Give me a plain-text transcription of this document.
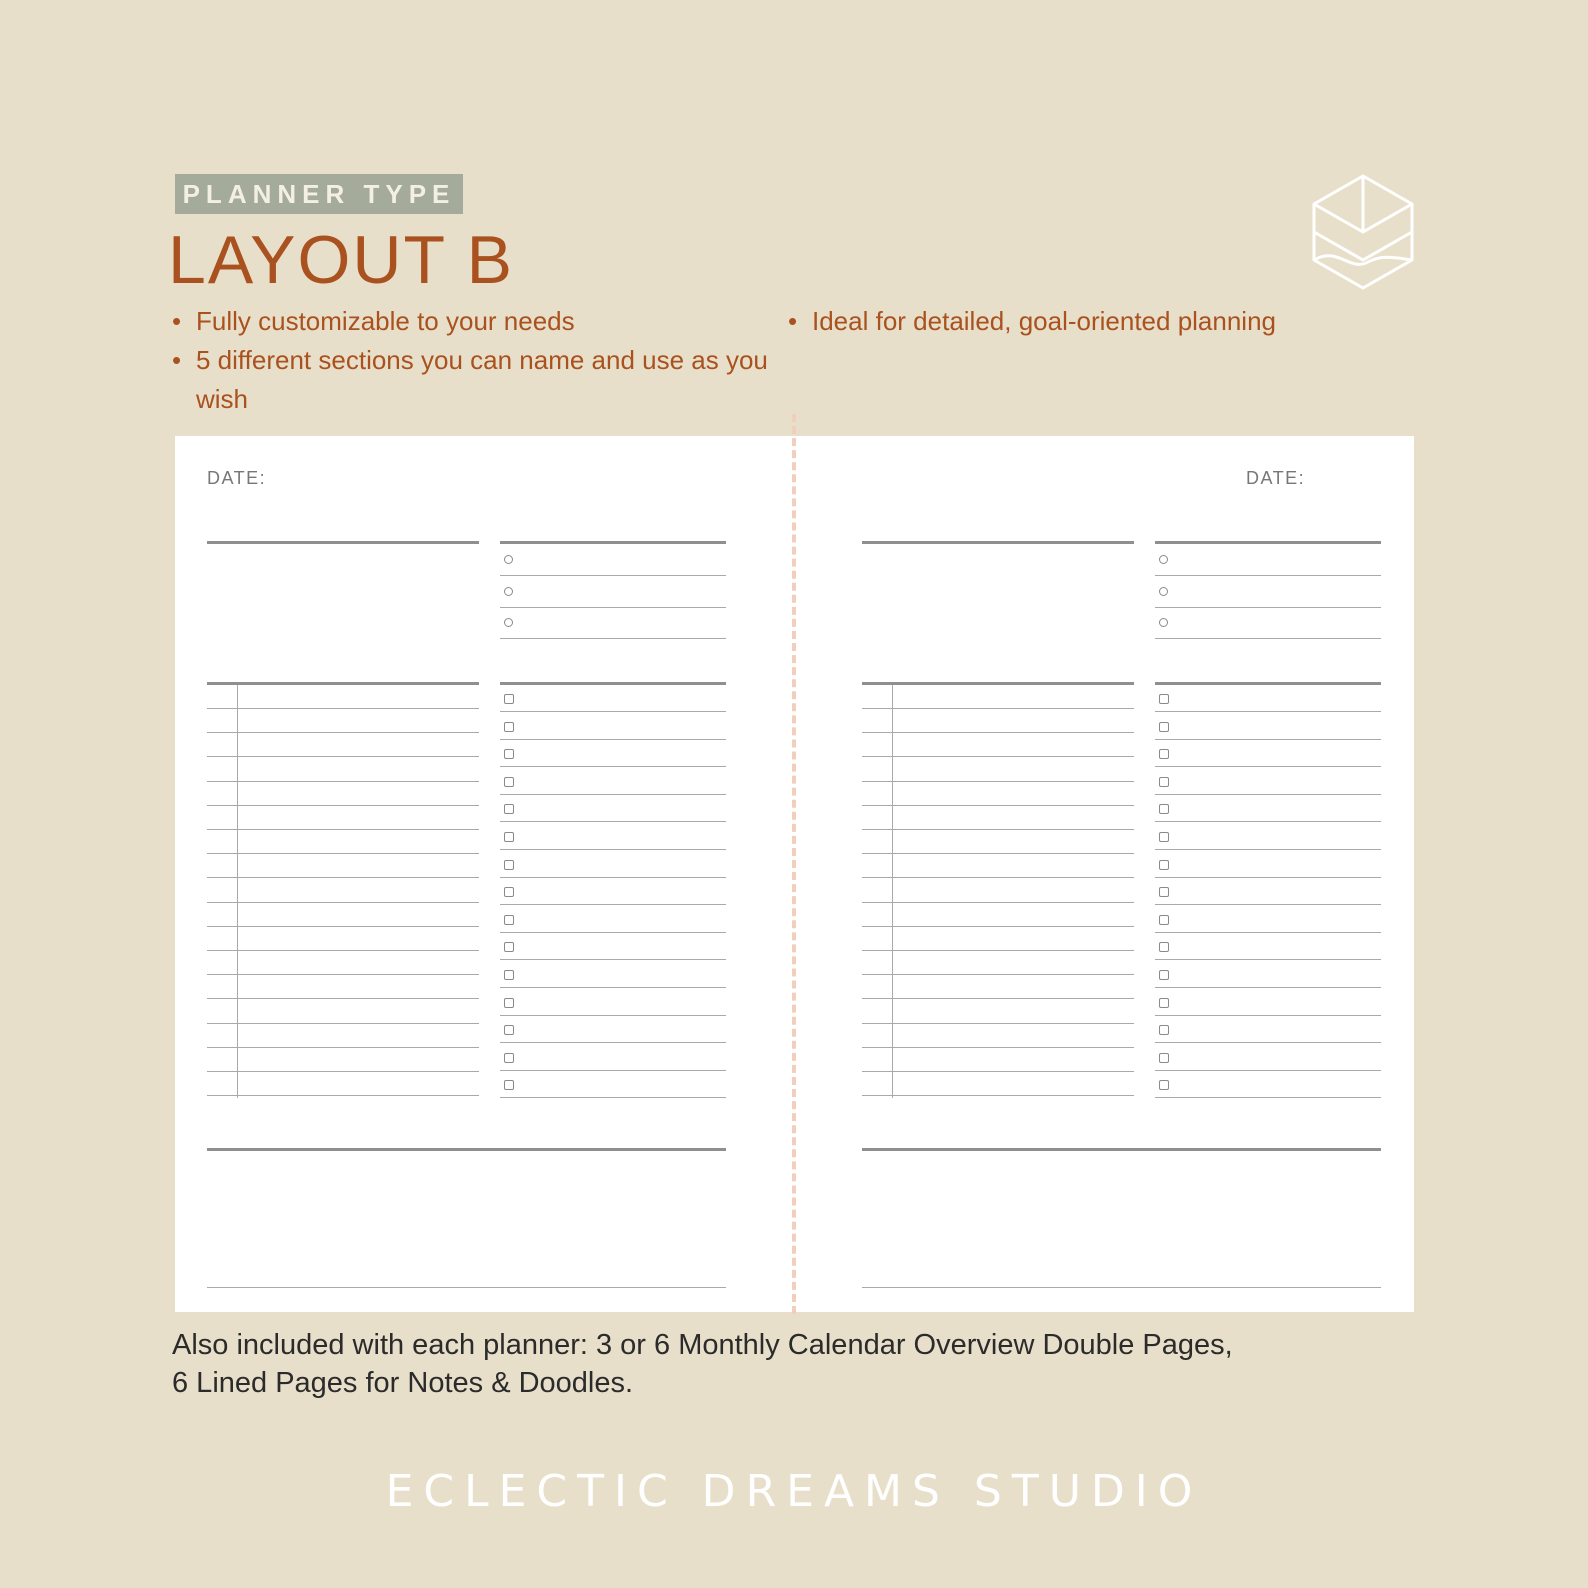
PLANNER TYPE
LAYOUT B
• Fully customizable to your needs
• 5 different sections you can name and use as you wish
• Ideal for detailed, goal-oriented planning
DATE:	DATE:

Also included with each planner: 3 or 6 Monthly Calendar Overview Double Pages,
6 Lined Pages for Notes & Doodles.

ECLECTIC DREAMS STUDIO
